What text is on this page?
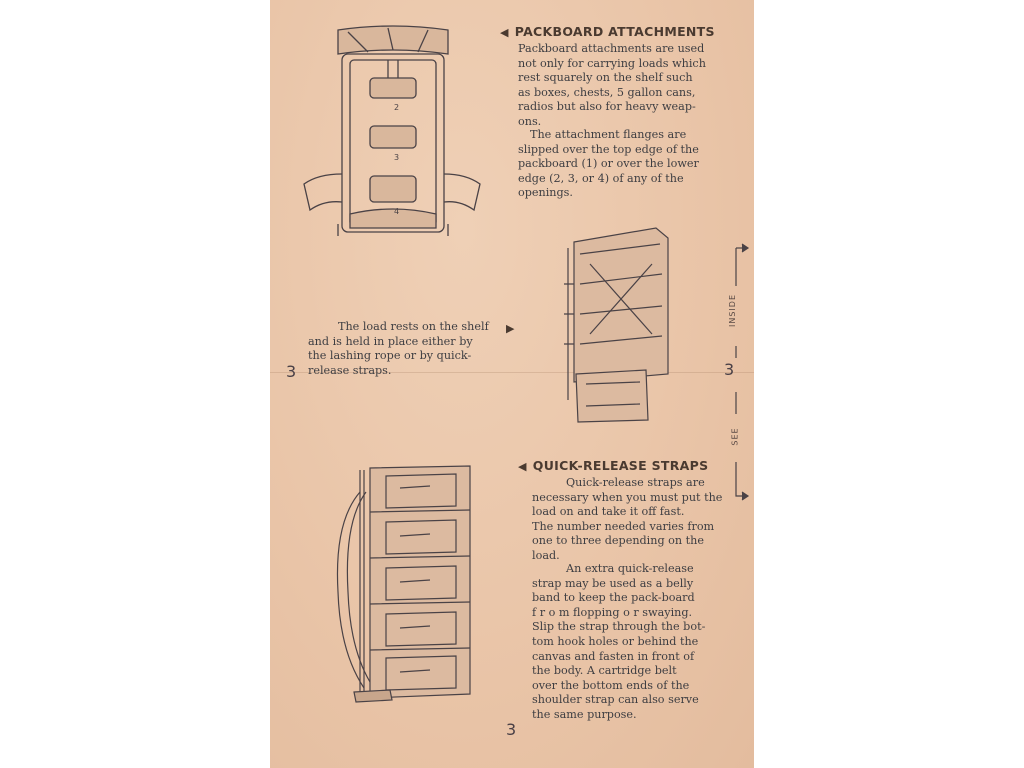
2
3
4
◀ PACKBOARD ATTACHMENTS
Packboard attachments are used
not only for carrying loads which
rest squarely on the shelf such
as boxes, chests, 5 gallon cans,
radios but also for heavy weap-
ons.
The attachment flanges are
slipped over the top edge of the
packboard (1) or over the lower
edge (2, 3, or 4) of any of the
openings.
The load rests on the shelf
and is held in place either by
the lashing rope or by quick-
release straps.
▶
3	3
INSIDE
SEE
◀ QUICK-RELEASE STRAPS
Quick-release straps are
necessary when you must put the
load on and take it off fast.
The number needed varies from
one to three depending on the
load.
An extra quick-release
strap may be used as a belly
band to keep the pack-board
f r o m flopping o r swaying.
Slip the strap through the bot-
tom hook holes or behind the
canvas and fasten in front of
the body. A cartridge belt
over the bottom ends of the
shoulder strap can also serve
the same purpose.
3
